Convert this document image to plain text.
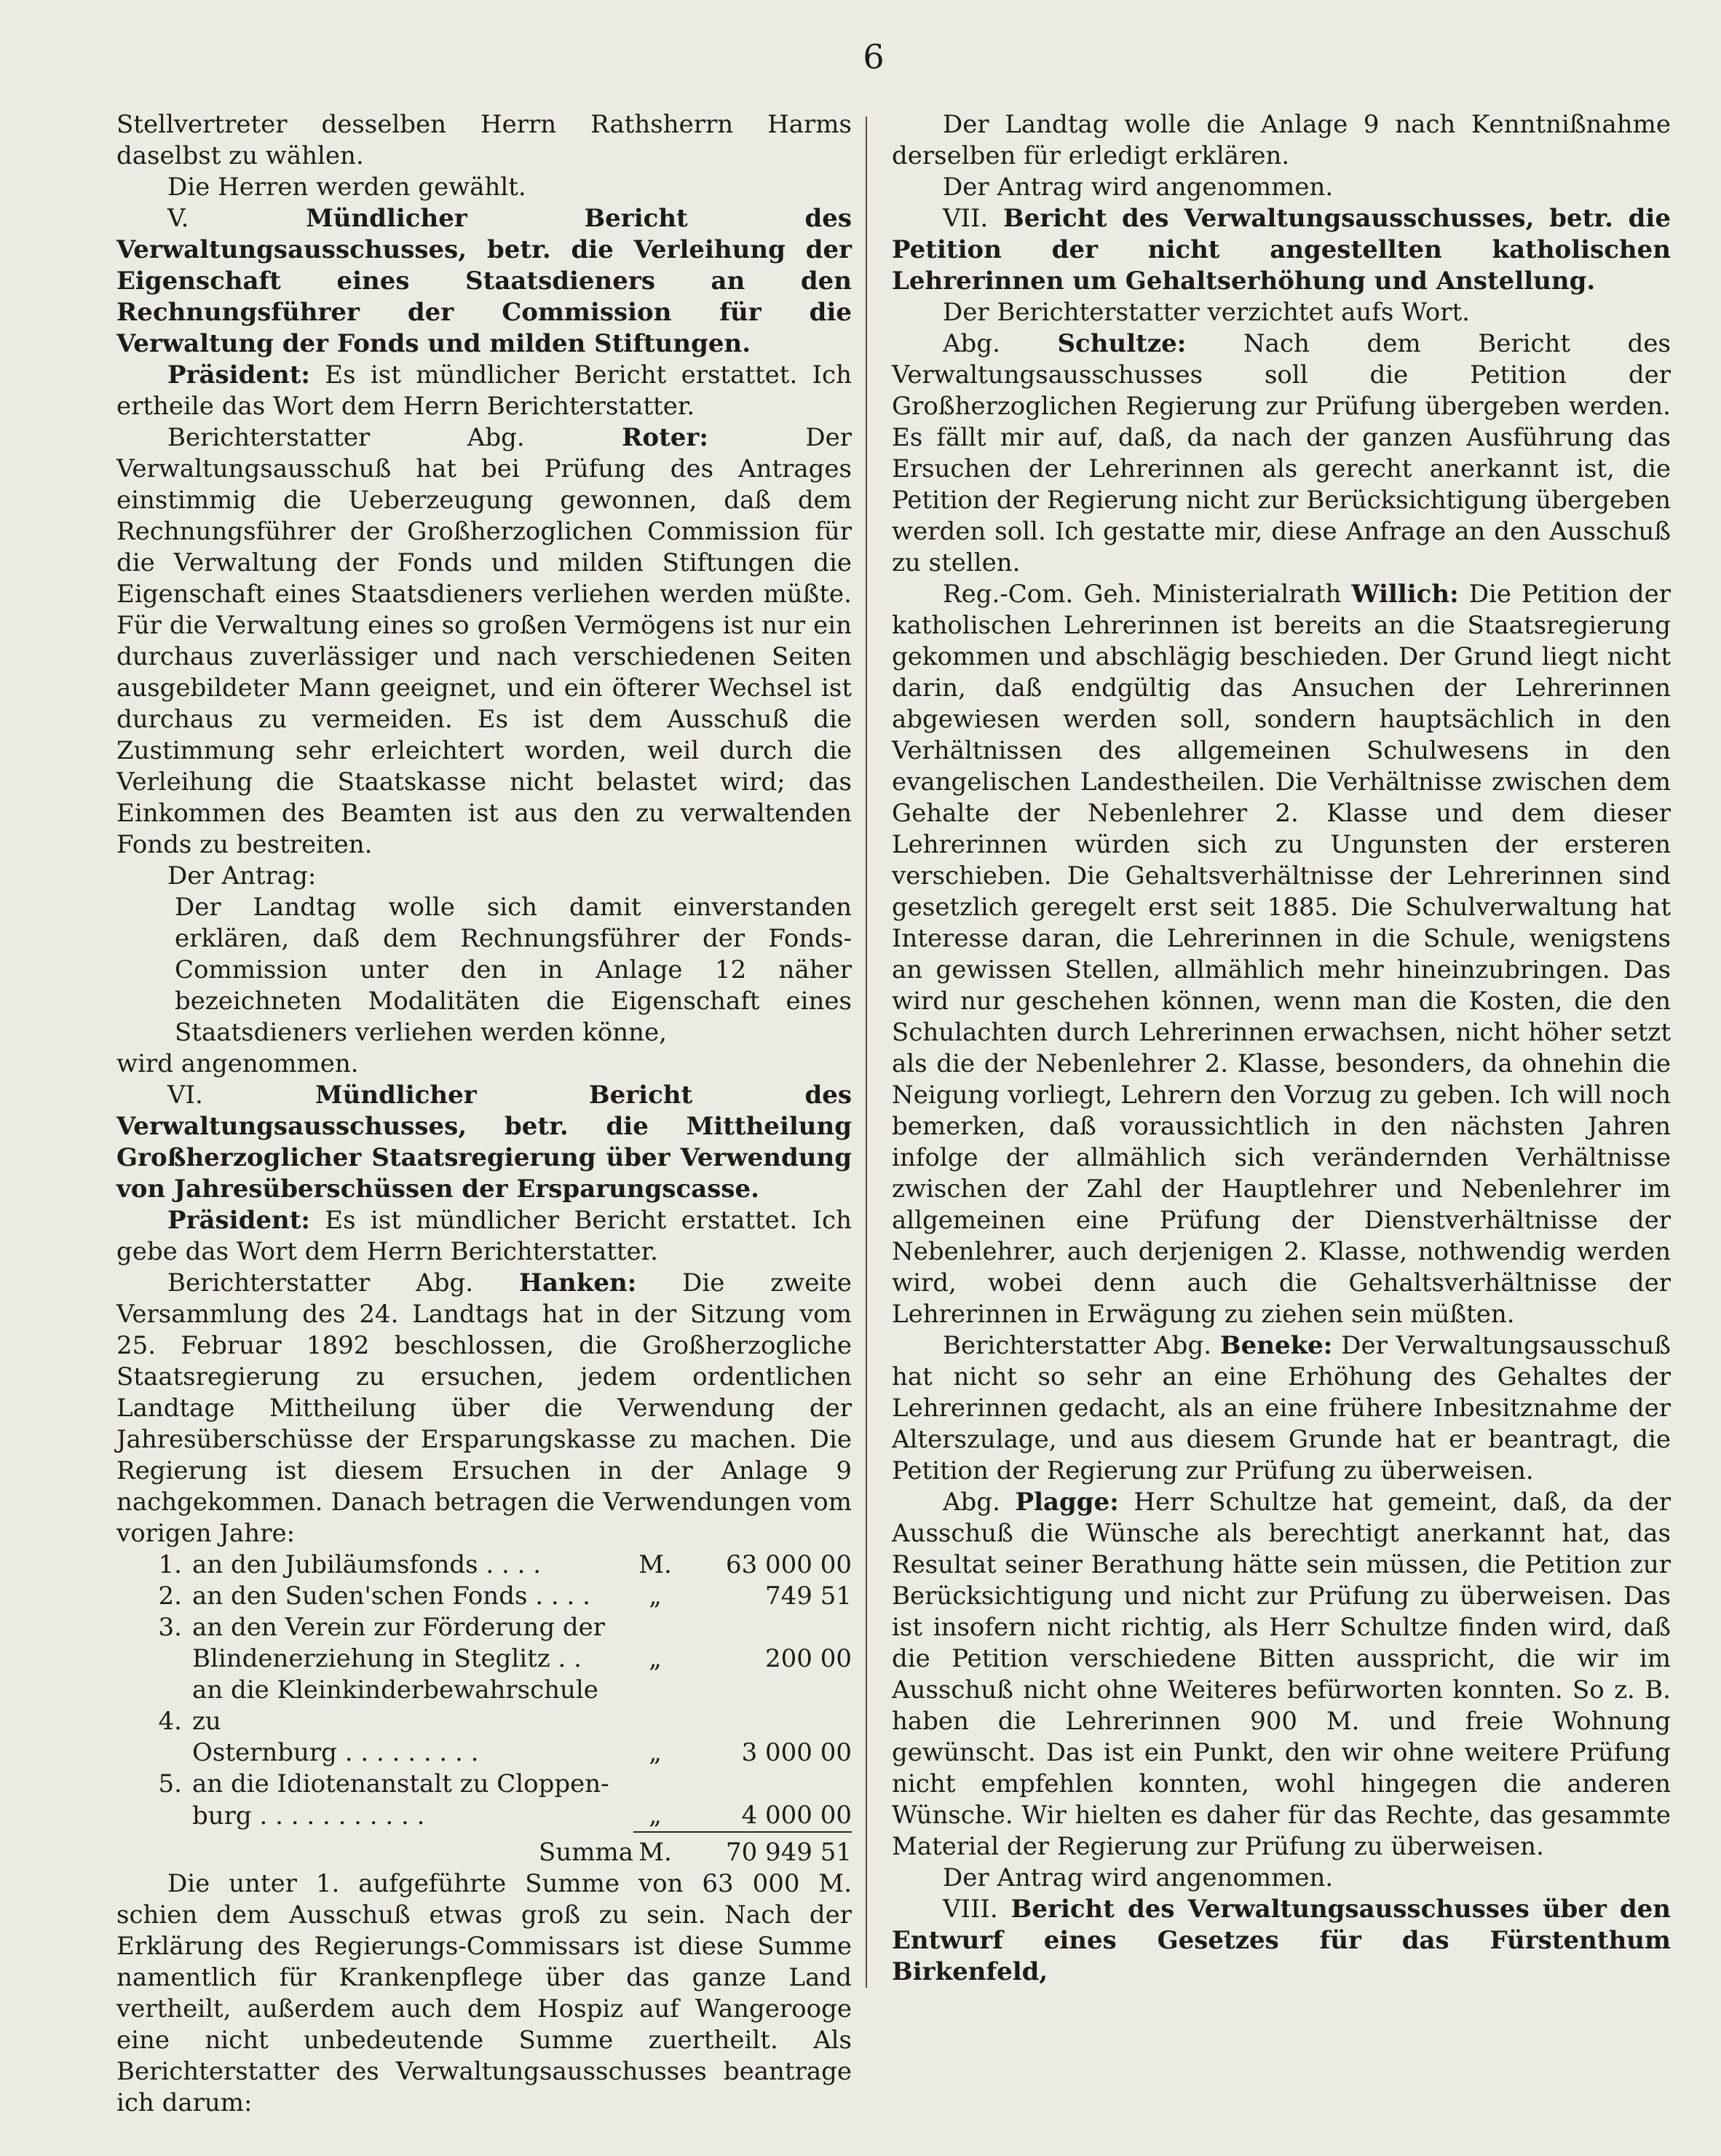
6

Stellvertreter desselben Herrn Rathsherrn Harms daselbst zu wählen.

Die Herren werden gewählt.

V.	Mündlicher Bericht des Verwaltungsausschusses, betr. die Verleihung der Eigenschaft eines Staatsdieners an den Rechnungsführer der Commission für die Verwaltung der Fonds und milden Stiftungen.

Präsident: Es ist mündlicher Bericht erstattet. Ich ertheile das Wort dem Herrn Berichterstatter.

Berichterstatter Abg.	Roter:	Der Verwaltungsausschuß hat bei Prüfung des Antrages einstimmig die Ueberzeugung gewonnen, daß dem Rechnungsführer der Großherzoglichen Commission für die Verwaltung der Fonds und milden Stiftungen die Eigenschaft eines Staatsdieners verliehen werden müßte. Für die Verwaltung eines so großen Vermögens ist nur ein durchaus zuverlässiger und nach verschiedenen Seiten ausgebildeter Mann geeignet, und ein öfterer Wechsel ist durchaus zu vermeiden. Es ist dem Ausschuß die Zustimmung sehr erleichtert worden, weil durch die Verleihung die Staatskasse nicht belastet wird; das Einkommen des Beamten ist aus den zu verwaltenden Fonds zu bestreiten.

Der Antrag:

Der Landtag wolle sich damit einverstanden erklären, daß dem Rechnungsführer der Fonds-Commission unter den in Anlage 12 näher bezeichneten Modalitäten die Eigenschaft eines Staatsdieners verliehen werden könne,

wird angenommen.

VI.	Mündlicher Bericht des Verwaltungsausschusses, betr. die Mittheilung Großherzoglicher Staatsregierung über Verwendung von Jahresüberschüssen der Ersparungscasse.

Präsident: Es ist mündlicher Bericht erstattet. Ich gebe das Wort dem Herrn Berichterstatter.

Berichterstatter Abg. Hanken: Die zweite Versammlung des 24. Landtags hat in der Sitzung vom 25. Februar 1892 beschlossen, die Großherzogliche Staatsregierung zu ersuchen, jedem ordentlichen Landtage Mittheilung über die Verwendung der Jahresüberschüsse der Ersparungskasse zu machen. Die Regierung ist diesem Ersuchen in der Anlage 9 nachgekommen. Danach betragen die Verwendungen vom vorigen Jahre:

1.	an den Jubiläumsfonds . . . .	M.	63 000 00
2.	an den Suden'schen Fonds . . . .	„	749 51
3.	an den Verein zur Förderung der		
	Blindenerziehung in Steglitz . .	„	200 00
4.	an die Kleinkinderbewahrschule zu		
	Osternburg . . . . . . . . .	„	3 000 00
5.	an die Idiotenanstalt zu Cloppen-		
	burg . . . . . . . . . . .	„	4 000 00
	Summa	M.	70 949 51

Die unter 1. aufgeführte Summe von 63 000 M. schien dem Ausschuß etwas groß zu sein. Nach der Erklärung des Regierungs-Commissars ist diese Summe namentlich für Krankenpflege über das ganze Land vertheilt, außerdem auch dem Hospiz auf Wangerooge eine nicht unbedeutende Summe zuertheilt. Als Berichterstatter des Verwaltungsausschusses beantrage ich darum:

Der Landtag wolle die Anlage 9 nach Kenntnißnahme derselben für erledigt erklären.

Der Antrag wird angenommen.

VII. Bericht des Verwaltungsausschusses, betr. die Petition der nicht angestellten katholischen Lehrerinnen um Gehaltserhöhung und Anstellung.

Der Berichterstatter verzichtet aufs Wort.

Abg. Schultze: Nach dem Bericht des Verwaltungsausschusses soll die Petition der Großherzoglichen Regierung zur Prüfung übergeben werden. Es fällt mir auf, daß, da nach der ganzen Ausführung das Ersuchen der Lehrerinnen als gerecht anerkannt ist, die Petition der Regierung nicht zur Berücksichtigung übergeben werden soll. Ich gestatte mir, diese Anfrage an den Ausschuß zu stellen.

Reg.-Com. Geh. Ministerialrath Willich: Die Petition der katholischen Lehrerinnen ist bereits an die Staatsregierung gekommen und abschlägig beschieden. Der Grund liegt nicht darin, daß endgültig das Ansuchen der Lehrerinnen abgewiesen werden soll, sondern hauptsächlich in den Verhältnissen des allgemeinen Schulwesens in den evangelischen Landestheilen. Die Verhältnisse zwischen dem Gehalte der Nebenlehrer 2. Klasse und dem dieser Lehrerinnen würden sich zu Ungunsten der ersteren verschieben. Die Gehaltsverhältnisse der Lehrerinnen sind gesetzlich geregelt erst seit 1885. Die Schulverwaltung hat Interesse daran, die Lehrerinnen in die Schule, wenigstens an gewissen Stellen, allmählich mehr hineinzubringen. Das wird nur geschehen können, wenn man die Kosten, die den Schulachten durch Lehrerinnen erwachsen, nicht höher setzt als die der Nebenlehrer 2. Klasse, besonders, da ohnehin die Neigung vorliegt, Lehrern den Vorzug zu geben. Ich will noch bemerken, daß voraussichtlich in den nächsten Jahren infolge der allmählich sich verändernden Verhältnisse zwischen der Zahl der Hauptlehrer und Nebenlehrer im allgemeinen eine Prüfung der Dienstverhältnisse der Nebenlehrer, auch derjenigen 2. Klasse, nothwendig werden wird, wobei denn auch die Gehaltsverhältnisse der Lehrerinnen in Erwägung zu ziehen sein müßten.

Berichterstatter Abg. Beneke: Der Verwaltungsausschuß hat nicht so sehr an eine Erhöhung des Gehaltes der Lehrerinnen gedacht, als an eine frühere Inbesitznahme der Alterszulage, und aus diesem Grunde hat er beantragt, die Petition der Regierung zur Prüfung zu überweisen.

Abg. Plagge: Herr Schultze hat gemeint, daß, da der Ausschuß die Wünsche als berechtigt anerkannt hat, das Resultat seiner Berathung hätte sein müssen, die Petition zur Berücksichtigung und nicht zur Prüfung zu überweisen. Das ist insofern nicht richtig, als Herr Schultze finden wird, daß die Petition verschiedene Bitten ausspricht, die wir im Ausschuß nicht ohne Weiteres befürworten konnten. So z. B. haben die Lehrerinnen 900 M. und freie Wohnung gewünscht. Das ist ein Punkt, den wir ohne weitere Prüfung nicht empfehlen konnten, wohl hingegen die anderen Wünsche. Wir hielten es daher für das Rechte, das gesammte Material der Regierung zur Prüfung zu überweisen.

Der Antrag wird angenommen.

VIII. Bericht des Verwaltungsausschusses über den Entwurf eines Gesetzes für das Fürstenthum Birkenfeld,
